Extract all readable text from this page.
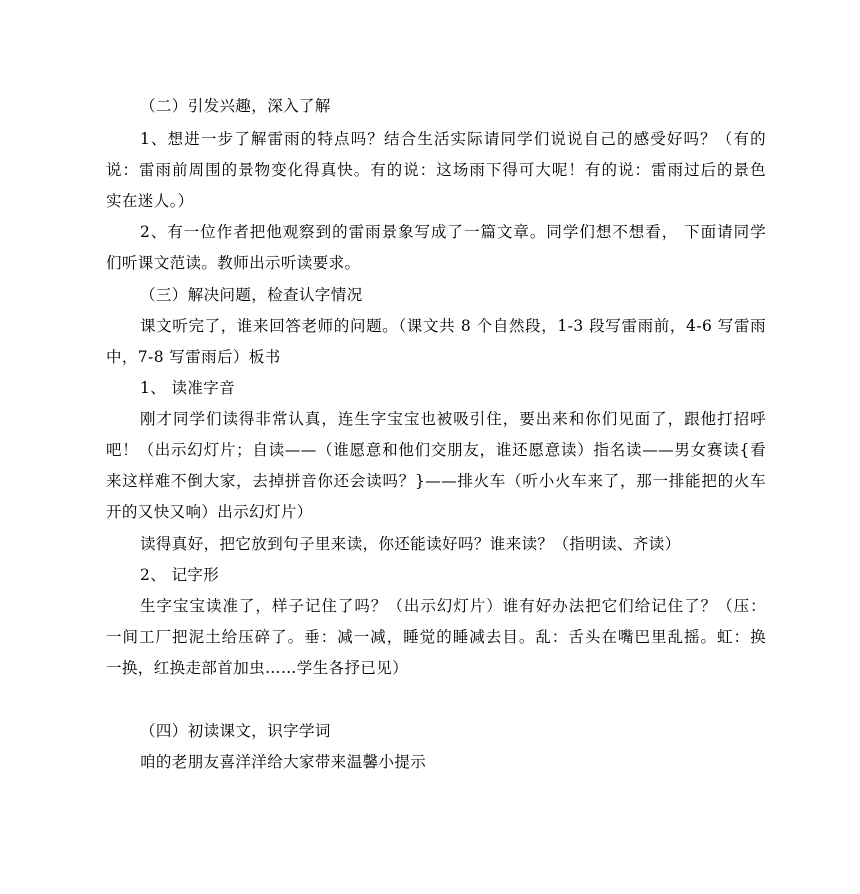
（二）引发兴趣，深入了解
1、想进一步了解雷雨的特点吗？结合生活实际请同学们说说自己的感受好吗？（有的
说：雷雨前周围的景物变化得真快。有的说：这场雨下得可大呢！有的说：雷雨过后的景色
实在迷人。）
2、有一位作者把他观察到的雷雨景象写成了一篇文章。同学们想不想看， 下面请同学
们听课文范读。教师出示听读要求。
（三）解决问题，检查认字情况
课文听完了，谁来回答老师的问题。（课文共 8 个自然段，1-3 段写雷雨前，4-6 写雷雨
中，7-8 写雷雨后）板书
1、 读准字音
刚才同学们读得非常认真，连生字宝宝也被吸引住，要出来和你们见面了，跟他打招呼
吧！（出示幻灯片；自读——（谁愿意和他们交朋友，谁还愿意读）指名读——男女赛读{看
来这样难不倒大家，去掉拼音你还会读吗？}——排火车（听小火车来了，那一排能把的火车
开的又快又响）出示幻灯片）
读得真好，把它放到句子里来读，你还能读好吗？谁来读？（指明读、齐读）
2、 记字形
生字宝宝读准了，样子记住了吗？（出示幻灯片）谁有好办法把它们给记住了？（压：
一间工厂把泥土给压碎了。垂：减一减，睡觉的睡减去目。乱：舌头在嘴巴里乱摇。虹：换
一换，红换走部首加虫……学生各抒已见）
（四）初读课文，识字学词
咱的老朋友喜洋洋给大家带来温馨小提示
